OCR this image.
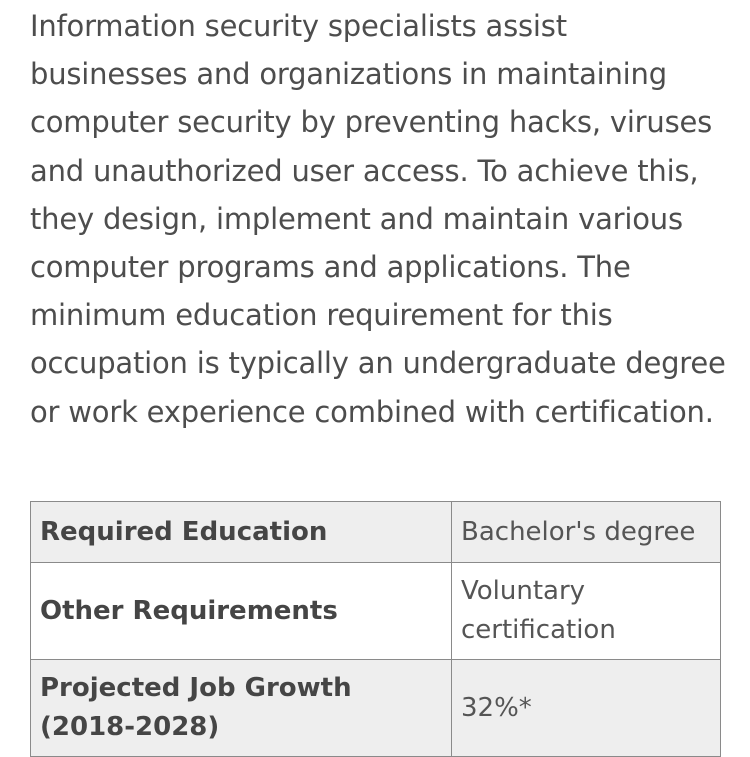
Information security specialists assist businesses and organizations in maintaining computer security by preventing hacks, viruses and unauthorized user access. To achieve this, they design, implement and maintain various computer programs and applications. The minimum education requirement for this occupation is typically an undergraduate degree or work experience combined with certification.

Required Education	Bachelor's degree
Other Requirements	Voluntary certification
Projected Job Growth (2018-2028)	32%*
